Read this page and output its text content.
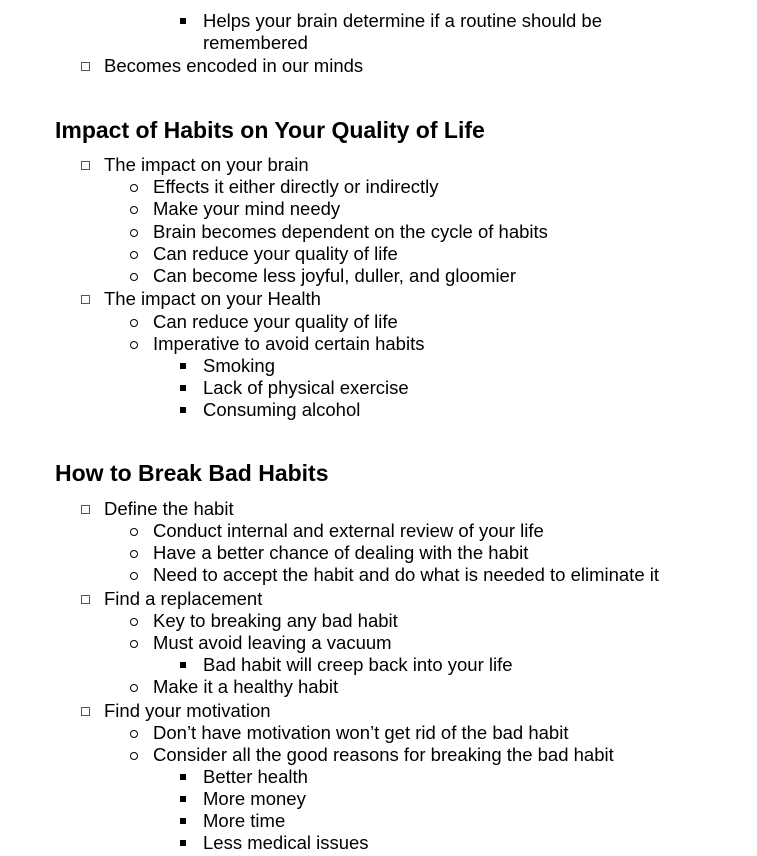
Helps your brain determine if a routine should be
remembered
Becomes encoded in our minds
Impact of Habits on Your Quality of Life
The impact on your brain
Effects it either directly or indirectly
Make your mind needy
Brain becomes dependent on the cycle of habits
Can reduce your quality of life
Can become less joyful, duller, and gloomier
The impact on your Health
Can reduce your quality of life
Imperative to avoid certain habits
Smoking
Lack of physical exercise
Consuming alcohol
How to Break Bad Habits
Define the habit
Conduct internal and external review of your life
Have a better chance of dealing with the habit
Need to accept the habit and do what is needed to eliminate it
Find a replacement
Key to breaking any bad habit
Must avoid leaving a vacuum
Bad habit will creep back into your life
Make it a healthy habit
Find your motivation
Don’t have motivation won’t get rid of the bad habit
Consider all the good reasons for breaking the bad habit
Better health
More money
More time
Less medical issues
